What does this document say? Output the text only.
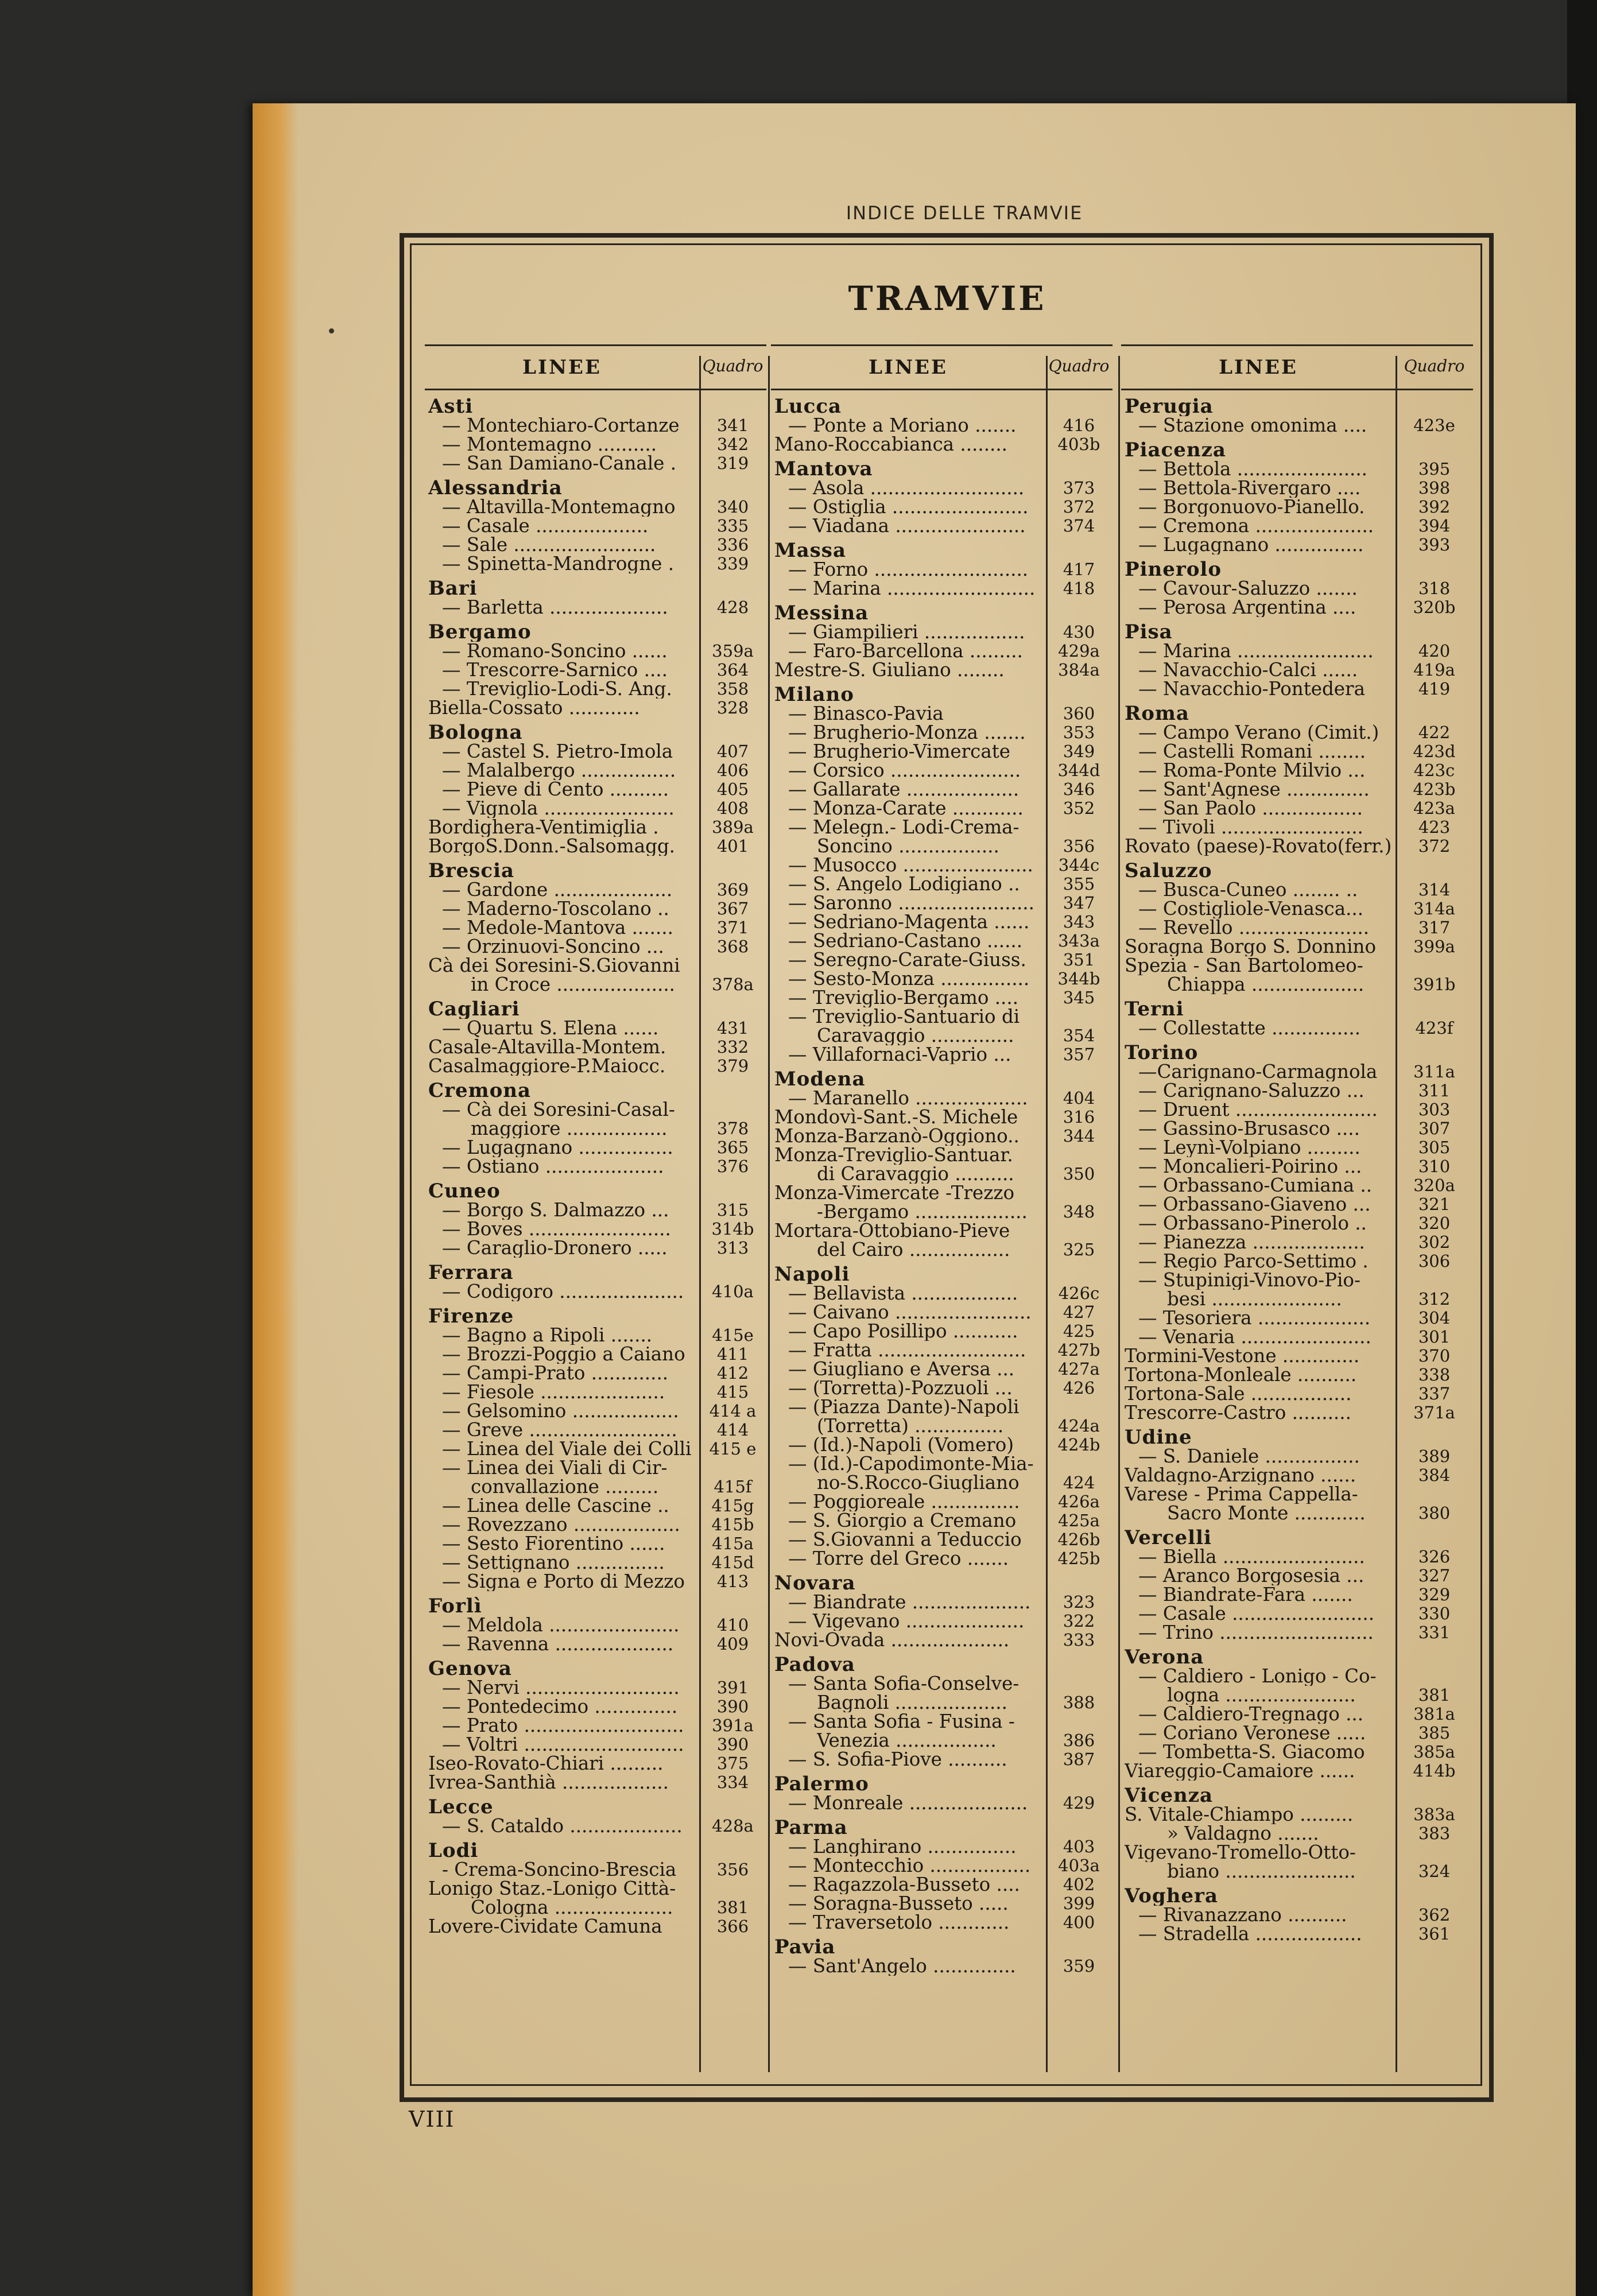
INDICE DELLE TRAMVIE
TRAMVIE
LINEE	Quadro
Asti
— Montechiaro-Cortanze	341
— Montemagno ..........	342
— San Damiano-Canale .	319
Alessandria
— Altavilla-Montemagno	340
— Casale ...................	335
— Sale ........................	336
— Spinetta-Mandrogne .	339
Bari
— Barletta ....................	428
Bergamo
— Romano-Soncino ......	359a
— Trescorre-Sarnico ....	364
— Treviglio-Lodi-S. Ang.	358
Biella-Cossato ............	328
Bologna
— Castel S. Pietro-Imola	407
— Malalbergo ................	406
— Pieve di Cento ..........	405
— Vignola ......................	408
Bordighera-Ventimiglia .	389a
BorgoS.Donn.-Salsomagg.	401
Brescia
— Gardone ....................	369
— Maderno-Toscolano ..	367
— Medole-Mantova .......	371
— Orzinuovi-Soncino ...	368
Cà dei Soresini-S.Giovanni
in Croce ....................	378a
Cagliari
— Quartu S. Elena ......	431
Casale-Altavilla-Montem.	332
Casalmaggiore-P.Maiocc.	379
Cremona
— Cà dei Soresini-Casal-
maggiore .................	378
— Lugagnano ................	365
— Ostiano ....................	376
Cuneo
— Borgo S. Dalmazzo ...	315
— Boves ........................	314b
— Caraglio-Dronero .....	313
Ferrara
— Codigoro .....................	410a
Firenze
— Bagno a Ripoli .......	415e
— Brozzi-Poggio a Caiano	411
— Campi-Prato .............	412
— Fiesole .....................	415
— Gelsomino ..................	414 a
— Greve .........................	414
— Linea del Viale dei Colli	415 e
— Linea dei Viali di Cir-
convallazione .........	415f
— Linea delle Cascine ..	415g
— Rovezzano ..................	415b
— Sesto Fiorentino ......	415a
— Settignano ...............	415d
— Signa e Porto di Mezzo	413
Forlì
— Meldola ......................	410
— Ravenna ....................	409
Genova
— Nervi ..........................	391
— Pontedecimo ..............	390
— Prato ...........................	391a
— Voltri ...........................	390
Iseo-Rovato-Chiari .........	375
Ivrea-Santhià ..................	334
Lecce
— S. Cataldo ...................	428a
Lodi
- Crema-Soncino-Brescia	356
Lonigo Staz.-Lonigo Città-
Cologna ....................	381
Lovere-Cividate Camuna	366
LINEE	Quadro
Lucca
— Ponte a Moriano .......	416
Mano-Roccabianca ........	403b
Mantova
— Asola ..........................	373
— Ostiglia .......................	372
— Viadana ......................	374
Massa
— Forno ..........................	417
— Marina .........................	418
Messina
— Giampilieri .................	430
— Faro-Barcellona .........	429a
Mestre-S. Giuliano ........	384a
Milano
— Binasco-Pavia	360
— Brugherio-Monza .......	353
— Brugherio-Vimercate	349
— Corsico ......................	344d
— Gallarate ...................	346
— Monza-Carate ............	352
— Melegn.- Lodi-Crema-
Soncino .................	356
— Musocco ......................	344c
— S. Angelo Lodigiano ..	355
— Saronno .......................	347
— Sedriano-Magenta ......	343
— Sedriano-Castano ......	343a
— Seregno-Carate-Giuss.	351
— Sesto-Monza ...............	344b
— Treviglio-Bergamo ....	345
— Treviglio-Santuario di
Caravaggio ..............	354
— Villafornaci-Vaprio ...	357
Modena
— Maranello ...................	404
Mondovì-Sant.-S. Michele	316
Monza-Barzanò-Oggiono..	344
Monza-Treviglio-Santuar.
di Caravaggio ..........	350
Monza-Vimercate -Trezzo
-Bergamo ...................	348
Mortara-Ottobiano-Pieve
del Cairo .................	325
Napoli
— Bellavista ..................	426c
— Caivano .......................	427
— Capo Posillipo ...........	425
— Fratta .........................	427b
— Giugliano e Aversa ...	427a
— (Torretta)-Pozzuoli ...	426
— (Piazza Dante)-Napoli
(Torretta) ...............	424a
— (Id.)-Napoli (Vomero)	424b
— (Id.)-Capodimonte-Mia-
no-S.Rocco-Giugliano	424
— Poggioreale ...............	426a
— S. Giorgio a Cremano	425a
— S.Giovanni a Teduccio	426b
— Torre del Greco .......	425b
Novara
— Biandrate ....................	323
— Vigevano ....................	322
Novi-Ovada ....................	333
Padova
— Santa Sofia-Conselve-
Bagnoli ...................	388
— Santa Sofia - Fusina -
Venezia .................	386
— S. Sofia-Piove ..........	387
Palermo
— Monreale ....................	429
Parma
— Langhirano ...............	403
— Montecchio .................	403a
— Ragazzola-Busseto ....	402
— Soragna-Busseto .....	399
— Traversetolo ............	400
Pavia
— Sant'Angelo ..............	359
LINEE	Quadro
Perugia
— Stazione omonima ....	423e
Piacenza
— Bettola ......................	395
— Bettola-Rivergaro ....	398
— Borgonuovo-Pianello.	392
— Cremona ....................	394
— Lugagnano ...............	393
Pinerolo
— Cavour-Saluzzo .......	318
— Perosa Argentina ....	320b
Pisa
— Marina .......................	420
— Navacchio-Calci ......	419a
— Navacchio-Pontedera	419
Roma
— Campo Verano (Cimit.)	422
— Castelli Romani ........	423d
— Roma-Ponte Milvio ...	423c
— Sant'Agnese ..............	423b
— San Paolo .................	423a
— Tivoli ........................	423
Rovato (paese)-Rovato(ferr.)	372
Saluzzo
— Busca-Cuneo ........ ..	314
— Costigliole-Venasca...	314a
— Revello ......................	317
Soragna Borgo S. Donnino	399a
Spezia - San Bartolomeo-
Chiappa ...................	391b
Terni
— Collestatte ...............	423f
Torino
—Carignano-Carmagnola	311a
— Carignano-Saluzzo ...	311
— Druent ........................	303
— Gassino-Brusasco ....	307
— Leynì-Volpiano .........	305
— Moncalieri-Poirino ...	310
— Orbassano-Cumiana ..	320a
— Orbassano-Giaveno ...	321
— Orbassano-Pinerolo ..	320
— Pianezza ...................	302
— Regio Parco-Settimo .	306
— Stupinigi-Vinovo-Pio-
besi ......................	312
— Tesoriera ...................	304
— Venaria ......................	301
Tormini-Vestone .............	370
Tortona-Monleale ..........	338
Tortona-Sale .................	337
Trescorre-Castro ..........	371a
Udine
— S. Daniele ................	389
Valdagno-Arzignano ......	384
Varese - Prima Cappella-
Sacro Monte ............	380
Vercelli
— Biella ........................	326
— Aranco Borgosesia ...	327
— Biandrate-Fara .......	329
— Casale ........................	330
— Trino ..........................	331
Verona
— Caldiero - Lonigo - Co-
logna ......................	381
— Caldiero-Tregnago ...	381a
— Coriano Veronese .....	385
— Tombetta-S. Giacomo	385a
Viareggio-Camaiore ......	414b
Vicenza
S. Vitale-Chiampo .........	383a
» Valdagno .......	383
Vigevano-Tromello-Otto-
biano ......................	324
Voghera
— Rivanazzano ..........	362
— Stradella ..................	361
VIII
